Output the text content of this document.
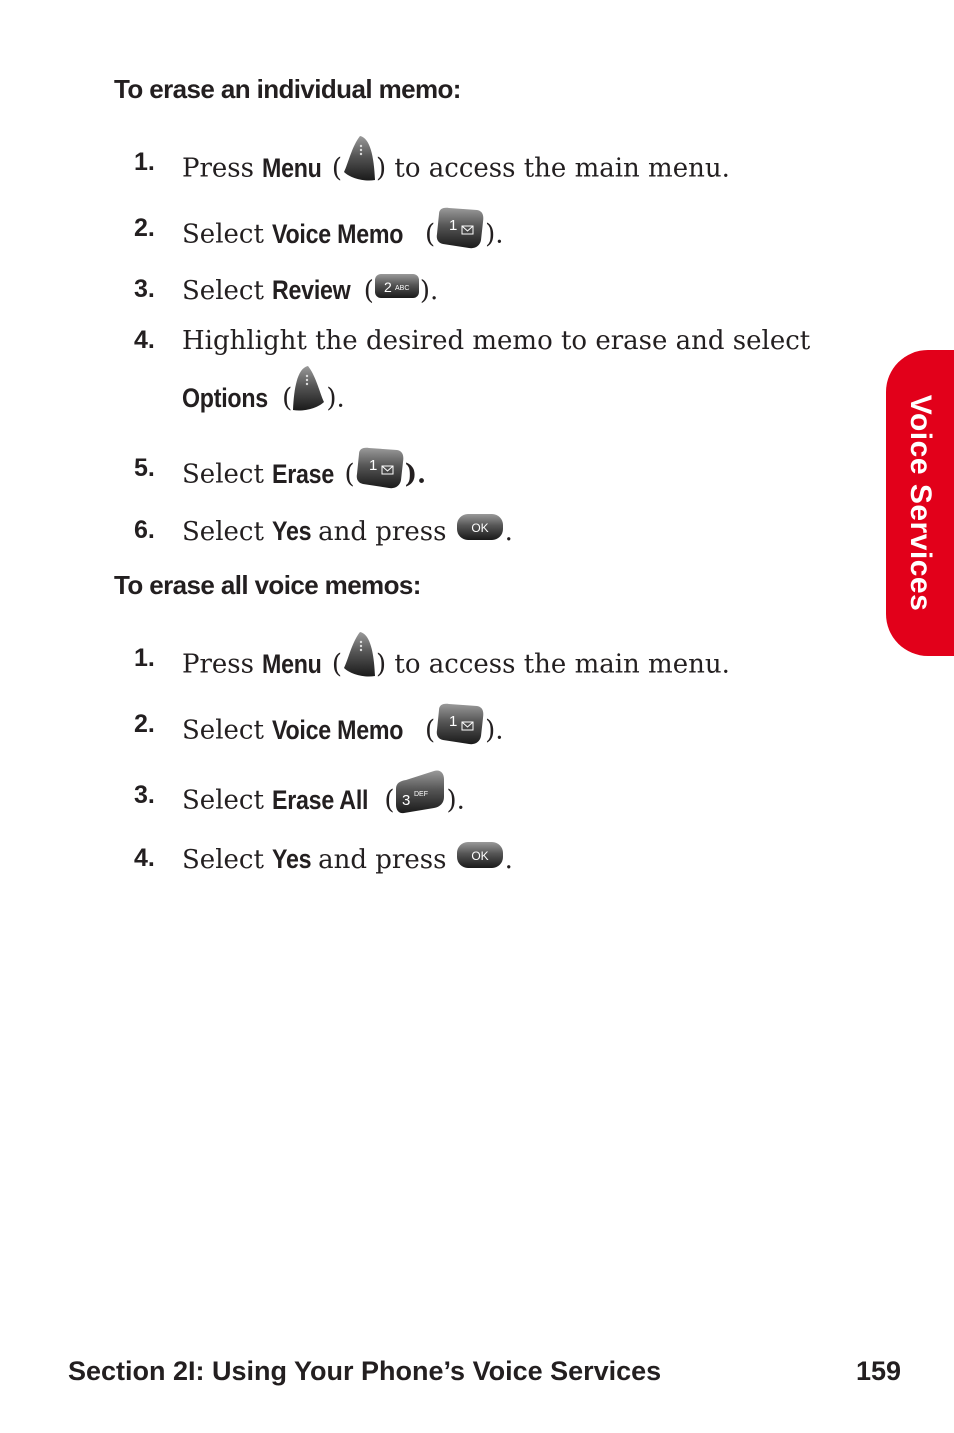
To erase an individual memo:
1. Press Menu ( ) to access the main menu.
2. Select Voice Memo ( 1 ).
3. Select Review ( 2 ABC ).
4. Highlight the desired memo to erase and select
Options ( ).
5. Select Erase ( 1 ).
6. Select Yes and press OK .
To erase all voice memos:
1. Press Menu ( ) to access the main menu.
2. Select Voice Memo ( 1 ).
3. Select Erase All ( 3 DEF ).
4. Select Yes and press OK .
Voice Services
Section 2I: Using Your Phone’s Voice Services	159
